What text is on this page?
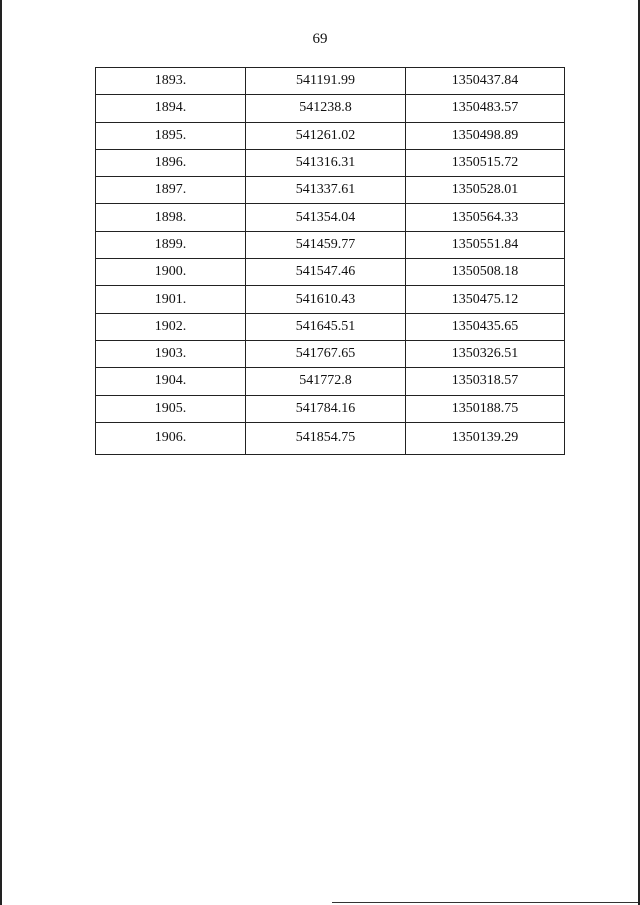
69
1893.	541191.99	1350437.84
1894.	541238.8	1350483.57
1895.	541261.02	1350498.89
1896.	541316.31	1350515.72
1897.	541337.61	1350528.01
1898.	541354.04	1350564.33
1899.	541459.77	1350551.84
1900.	541547.46	1350508.18
1901.	541610.43	1350475.12
1902.	541645.51	1350435.65
1903.	541767.65	1350326.51
1904.	541772.8	1350318.57
1905.	541784.16	1350188.75
1906.	541854.75	1350139.29
